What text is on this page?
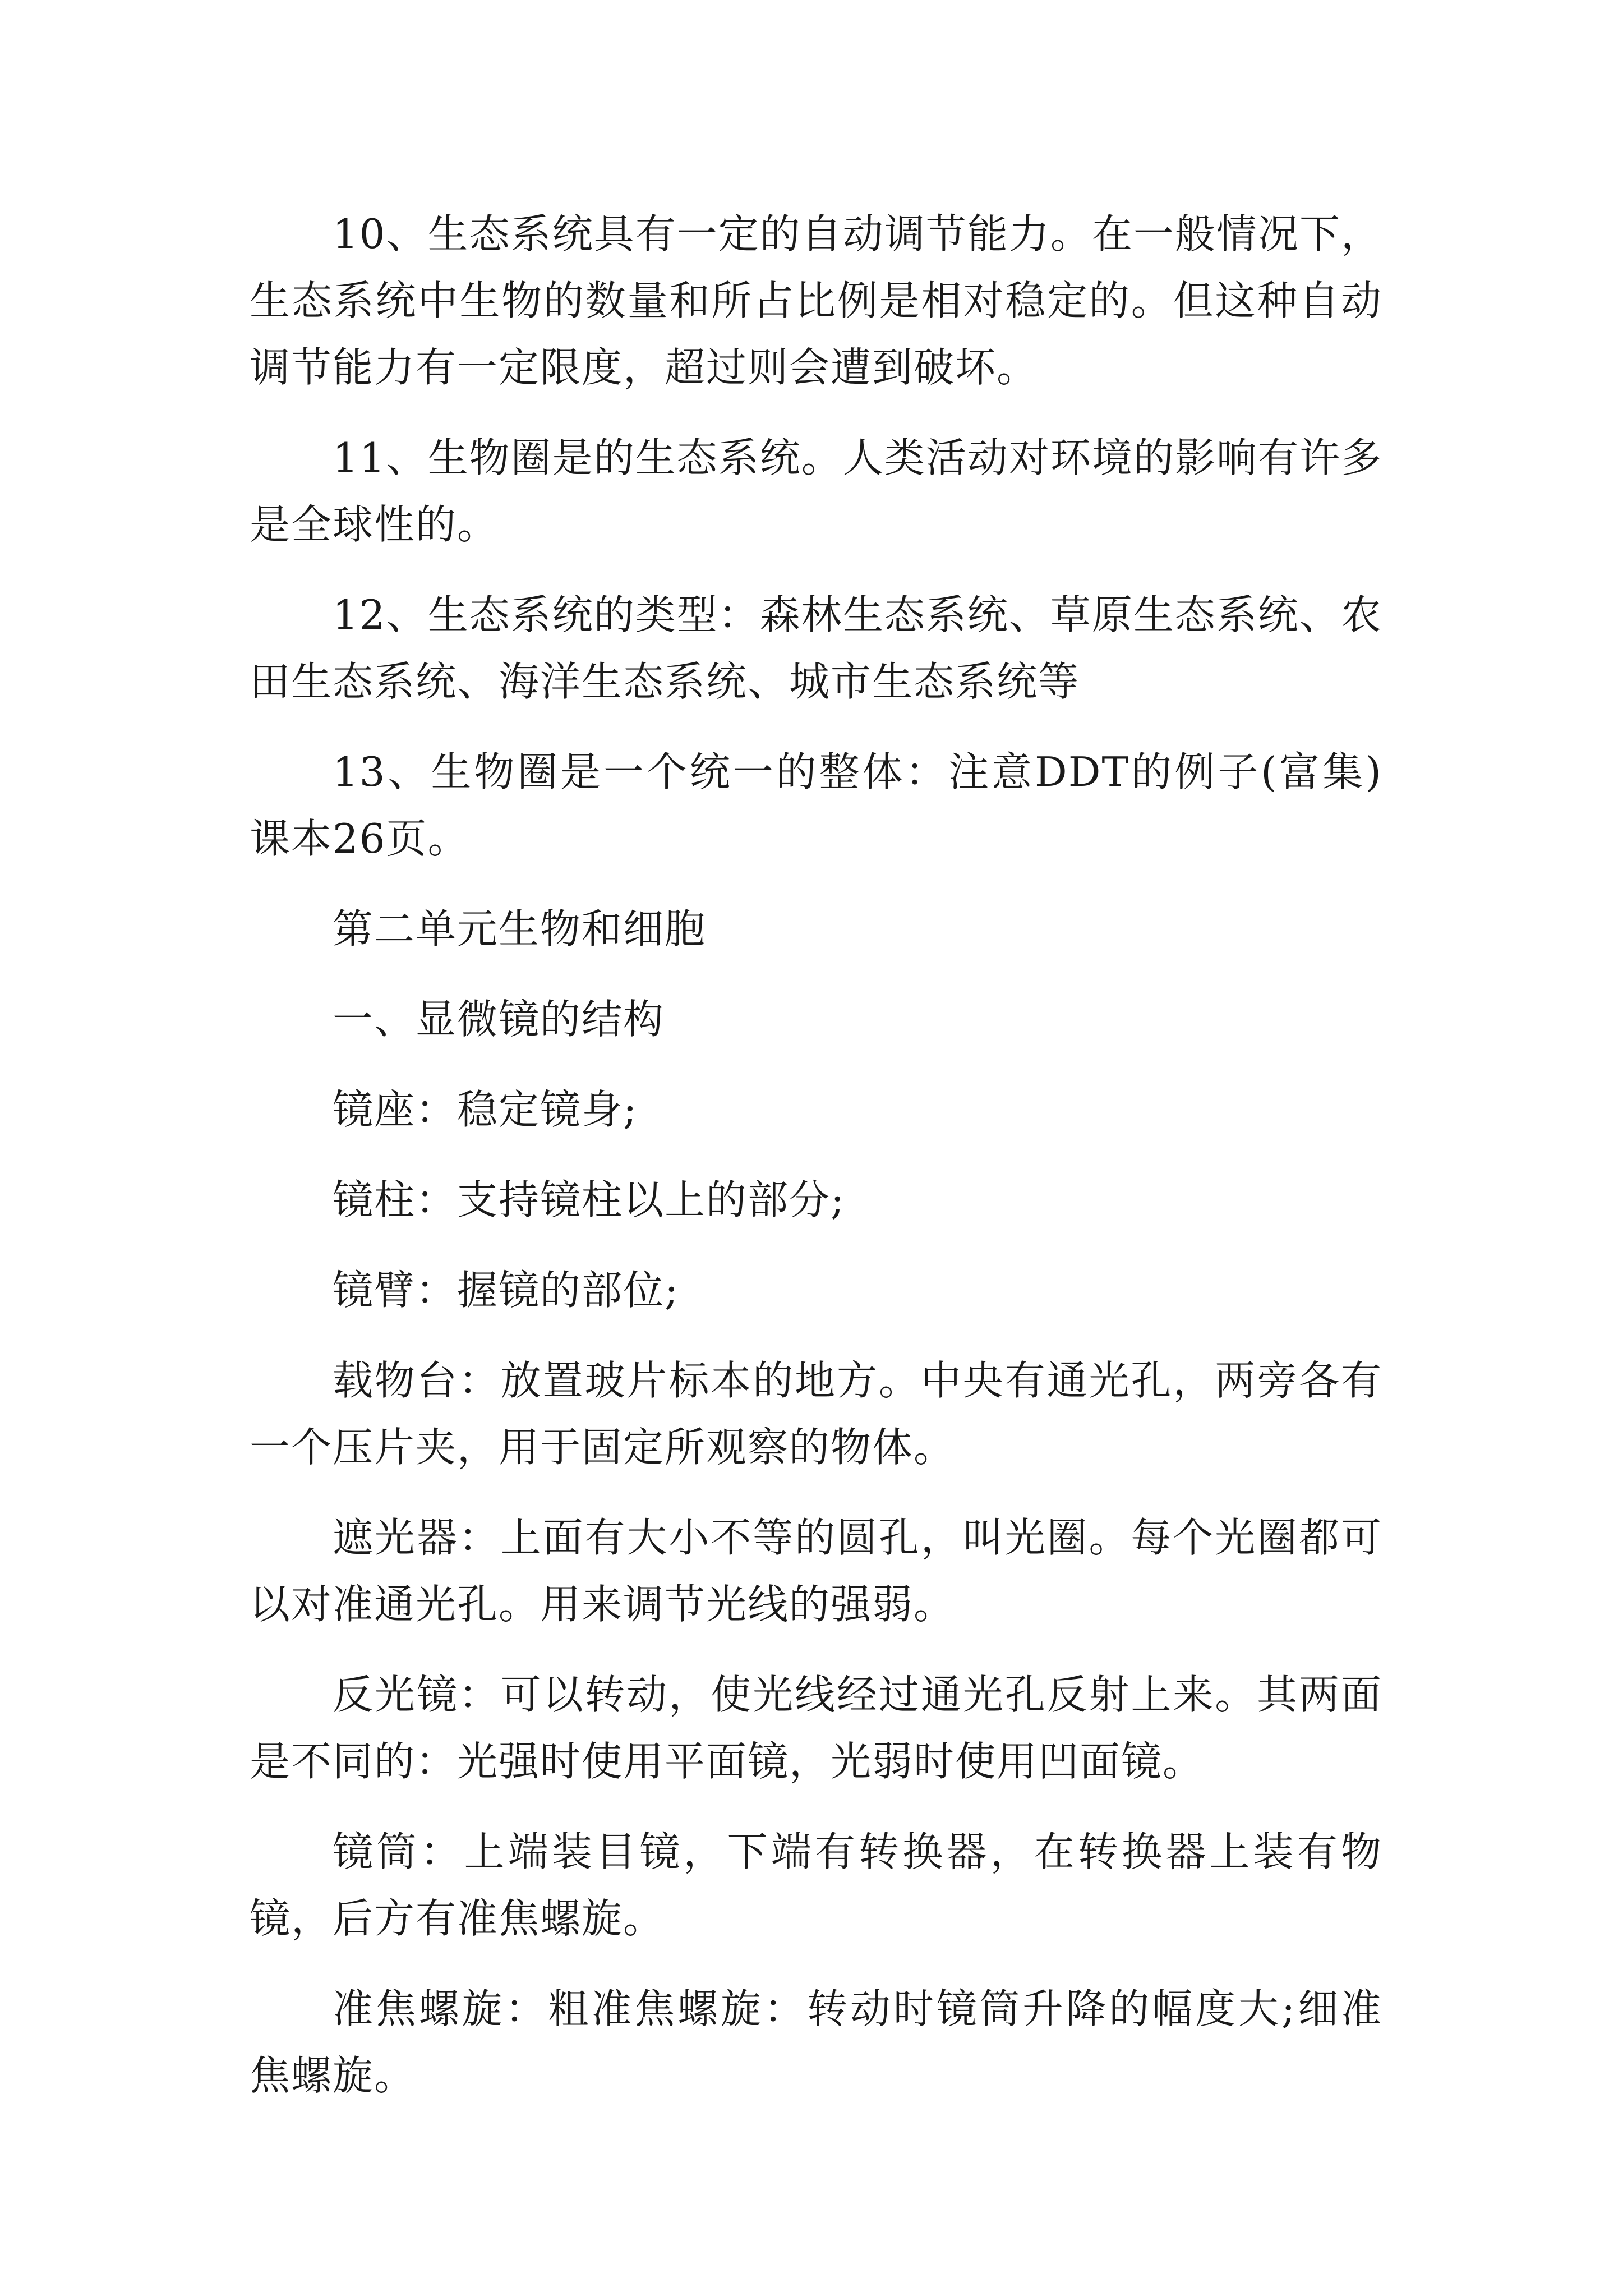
10、生态系统具有一定的自动调节能力。在一般情况下，生态系统中生物的数量和所占比例是相对稳定的。但这种自动调节能力有一定限度，超过则会遭到破坏。

11、生物圈是的生态系统。人类活动对环境的影响有许多是全球性的。

12、生态系统的类型：森林生态系统、草原生态系统、农田生态系统、海洋生态系统、城市生态系统等

13、生物圈是一个统一的整体：注意DDT的例子(富集)课本26页。

第二单元生物和细胞

一、显微镜的结构

镜座：稳定镜身;

镜柱：支持镜柱以上的部分;

镜臂：握镜的部位;

载物台：放置玻片标本的地方。中央有通光孔，两旁各有一个压片夹，用于固定所观察的物体。

遮光器：上面有大小不等的圆孔，叫光圈。每个光圈都可以对准通光孔。用来调节光线的强弱。

反光镜：可以转动，使光线经过通光孔反射上来。其两面是不同的：光强时使用平面镜，光弱时使用凹面镜。

镜筒：上端装目镜，下端有转换器，在转换器上装有物镜，后方有准焦螺旋。

准焦螺旋：粗准焦螺旋：转动时镜筒升降的幅度大;细准焦螺旋。
